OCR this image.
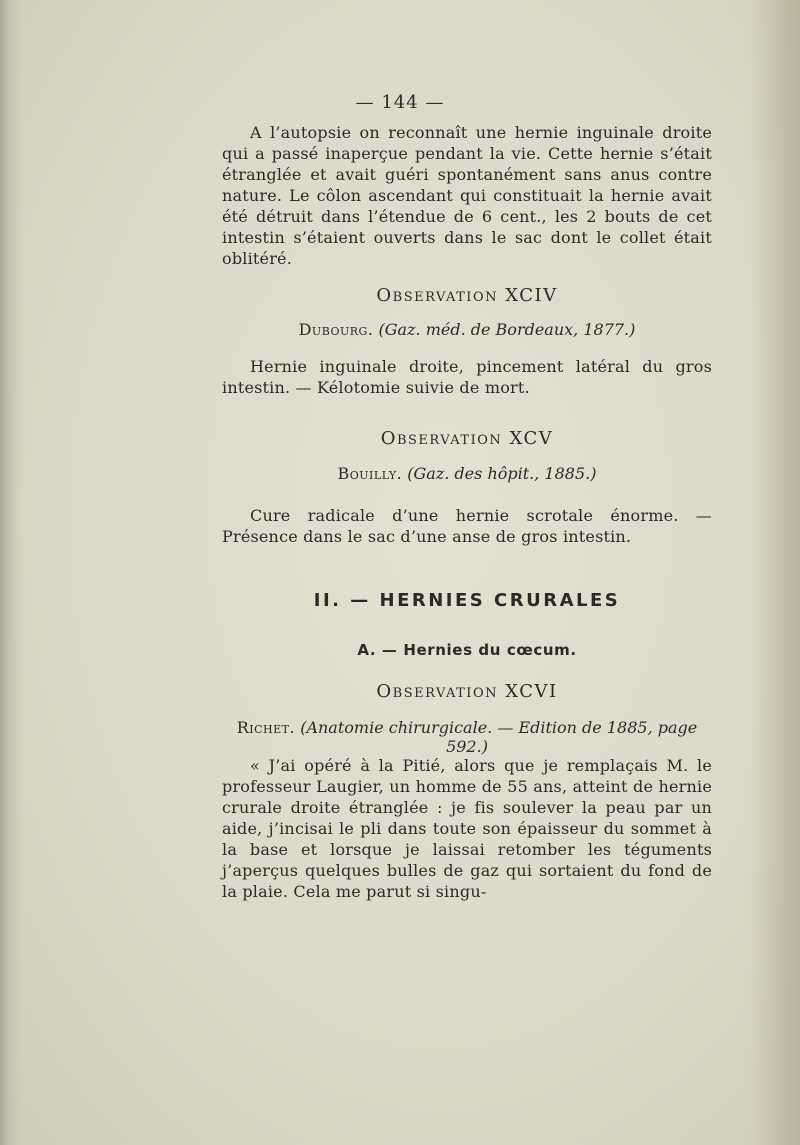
— 144 —

A l’autopsie on reconnaît une hernie inguinale droite qui a passé inaperçue pendant la vie. Cette hernie s’était étranglée et avait guéri spontanément sans anus contre nature. Le côlon ascendant qui constituait la hernie avait été détruit dans l’étendue de 6 cent., les 2 bouts de cet intestin s’étaient ouverts dans le sac dont le collet était oblitéré.

Observation XCIV
Dubourg. (Gaz. méd. de Bordeaux, 1877.)

Hernie inguinale droite, pincement latéral du gros intestin. — Kélotomie suivie de mort.

Observation XCV
Bouilly. (Gaz. des hôpit., 1885.)

Cure radicale d’une hernie scrotale énorme. — Présence dans le sac d’une anse de gros intestin.

II. — HERNIES CRURALES
A. — Hernies du cœcum.
Observation XCVI
Richet. (Anatomie chirurgicale. — Edition de 1885, page 592.)

« J’ai opéré à la Pitié, alors que je remplaçais M. le professeur Laugier, un homme de 55 ans, atteint de hernie crurale droite étranglée : je fis soulever la peau par un aide, j’incisai le pli dans toute son épaisseur du sommet à la base et lorsque je laissai retomber les téguments j’aperçus quelques bulles de gaz qui sortaient du fond de la plaie. Cela me parut si singu-
